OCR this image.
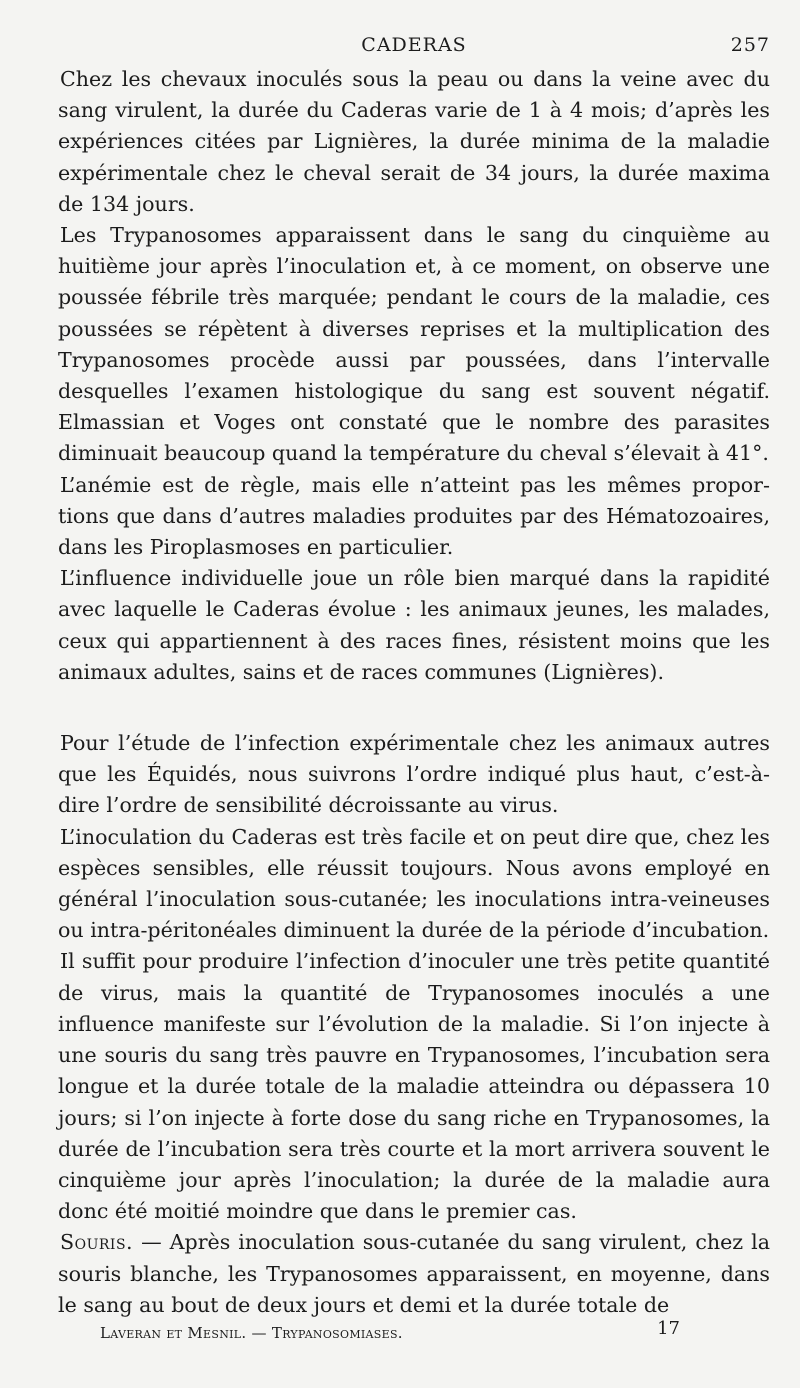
CADERAS	257

Chez les chevaux inoculés sous la peau ou dans la veine avec du sang virulent, la durée du Caderas varie de 1 à 4 mois; d’après les expériences citées par Lignières, la durée minima de la maladie expérimentale chez le cheval serait de 34 jours, la durée maxima de 134 jours.

Les Trypanosomes apparaissent dans le sang du cinquième au huitième jour après l’inoculation et, à ce moment, on observe une poussée fébrile très marquée; pendant le cours de la maladie, ces poussées se répètent à diverses reprises et la multiplication des Trypanosomes procède aussi par poussées, dans l’intervalle desquelles l’examen histologique du sang est souvent négatif. Elmassian et Voges ont constaté que le nombre des parasites diminuait beaucoup quand la température du cheval s’élevait à 41°.

L’anémie est de règle, mais elle n’atteint pas les mêmes proportions que dans d’autres maladies produites par des Hématozoaires, dans les Piroplasmoses en particulier.

L’influence individuelle joue un rôle bien marqué dans la rapidité avec laquelle le Caderas évolue : les animaux jeunes, les malades, ceux qui appartiennent à des races fines, résistent moins que les animaux adultes, sains et de races communes (Lignières).

Pour l’étude de l’infection expérimentale chez les animaux autres que les Équidés, nous suivrons l’ordre indiqué plus haut, c’est-à-dire l’ordre de sensibilité décroissante au virus.

L’inoculation du Caderas est très facile et on peut dire que, chez les espèces sensibles, elle réussit toujours. Nous avons employé en général l’inoculation sous-cutanée; les inoculations intra-veineuses ou intra-péritonéales diminuent la durée de la période d’incubation.

Il suffit pour produire l’infection d’inoculer une très petite quantité de virus, mais la quantité de Trypanosomes inoculés a une influence manifeste sur l’évolution de la maladie. Si l’on injecte à une souris du sang très pauvre en Trypanosomes, l’incubation sera longue et la durée totale de la maladie atteindra ou dépassera 10 jours; si l’on injecte à forte dose du sang riche en Trypanosomes, la durée de l’incubation sera très courte et la mort arrivera souvent le cinquième jour après l’inoculation; la durée de la maladie aura donc été moitié moindre que dans le premier cas.

Souris. — Après inoculation sous-cutanée du sang virulent, chez la souris blanche, les Trypanosomes apparaissent, en moyenne, dans le sang au bout de deux jours et demi et la durée totale de

Laveran et Mesnil. — Trypanosomiases.	17
